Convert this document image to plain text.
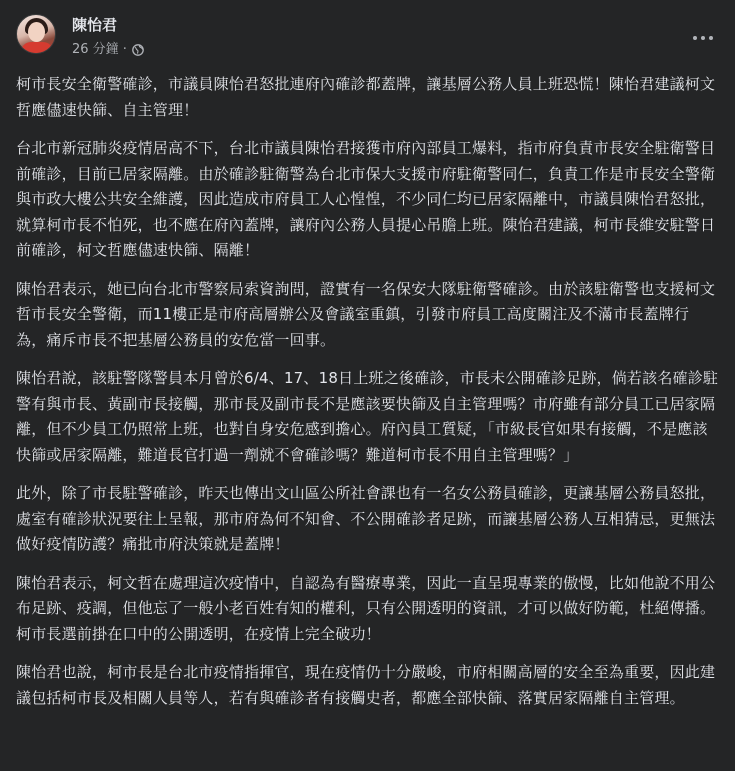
陳怡君
26 分鐘 ·

柯市長安全衛警確診，市議員陳怡君怒批連府內確診都蓋牌，讓基層公務人員上班恐慌！陳怡君建議柯文哲應儘速快篩、自主管理！

台北市新冠肺炎疫情居高不下，台北市議員陳怡君接獲市府內部員工爆料，指市府負責市長安全駐衛警目前確診，目前已居家隔離。由於確診駐衛警為台北市保大支援市府駐衛警同仁，負責工作是市長安全警衛與市政大樓公共安全維護，因此造成市府員工人心惶惶，不少同仁均已居家隔離中，市議員陳怡君怒批，就算柯市長不怕死，也不應在府內蓋牌，讓府內公務人員提心吊膽上班。陳怡君建議，柯市長維安駐警日前確診，柯文哲應儘速快篩、隔離！

陳怡君表示，她已向台北市警察局索資詢問，證實有一名保安大隊駐衛警確診。由於該駐衛警也支援柯文哲市長安全警衛，而11樓正是市府高層辦公及會議室重鎮，引發市府員工高度關注及不滿市長蓋牌行為，痛斥市長不把基層公務員的安危當一回事。

陳怡君說，該駐警隊警員本月曾於6/4、17、18日上班之後確診，市長未公開確診足跡，倘若該名確診駐警有與市長、黃副市長接觸，那市長及副市長不是應該要快篩及自主管理嗎？市府雖有部分員工已居家隔離，但不少員工仍照常上班，也對自身安危感到擔心。府內員工質疑，「市級長官如果有接觸，不是應該快篩或居家隔離，難道長官打過一劑就不會確診嗎？難道柯市長不用自主管理嗎？」

此外，除了市長駐警確診，昨天也傳出文山區公所社會課也有一名女公務員確診，更讓基層公務員怒批，處室有確診狀況要往上呈報，那市府為何不知會、不公開確診者足跡，而讓基層公務人互相猜忌，更無法做好疫情防護？痛批市府決策就是蓋牌！

陳怡君表示，柯文哲在處理這次疫情中，自認為有醫療專業，因此一直呈現專業的傲慢，比如他說不用公布足跡、疫調，但他忘了一般小老百姓有知的權利，只有公開透明的資訊，才可以做好防範，杜絕傳播。柯市長選前掛在口中的公開透明，在疫情上完全破功！

陳怡君也說，柯市長是台北市疫情指揮官，現在疫情仍十分嚴峻，市府相關高層的安全至為重要，因此建議包括柯市長及相關人員等人，若有與確診者有接觸史者，都應全部快篩、落實居家隔離自主管理。
